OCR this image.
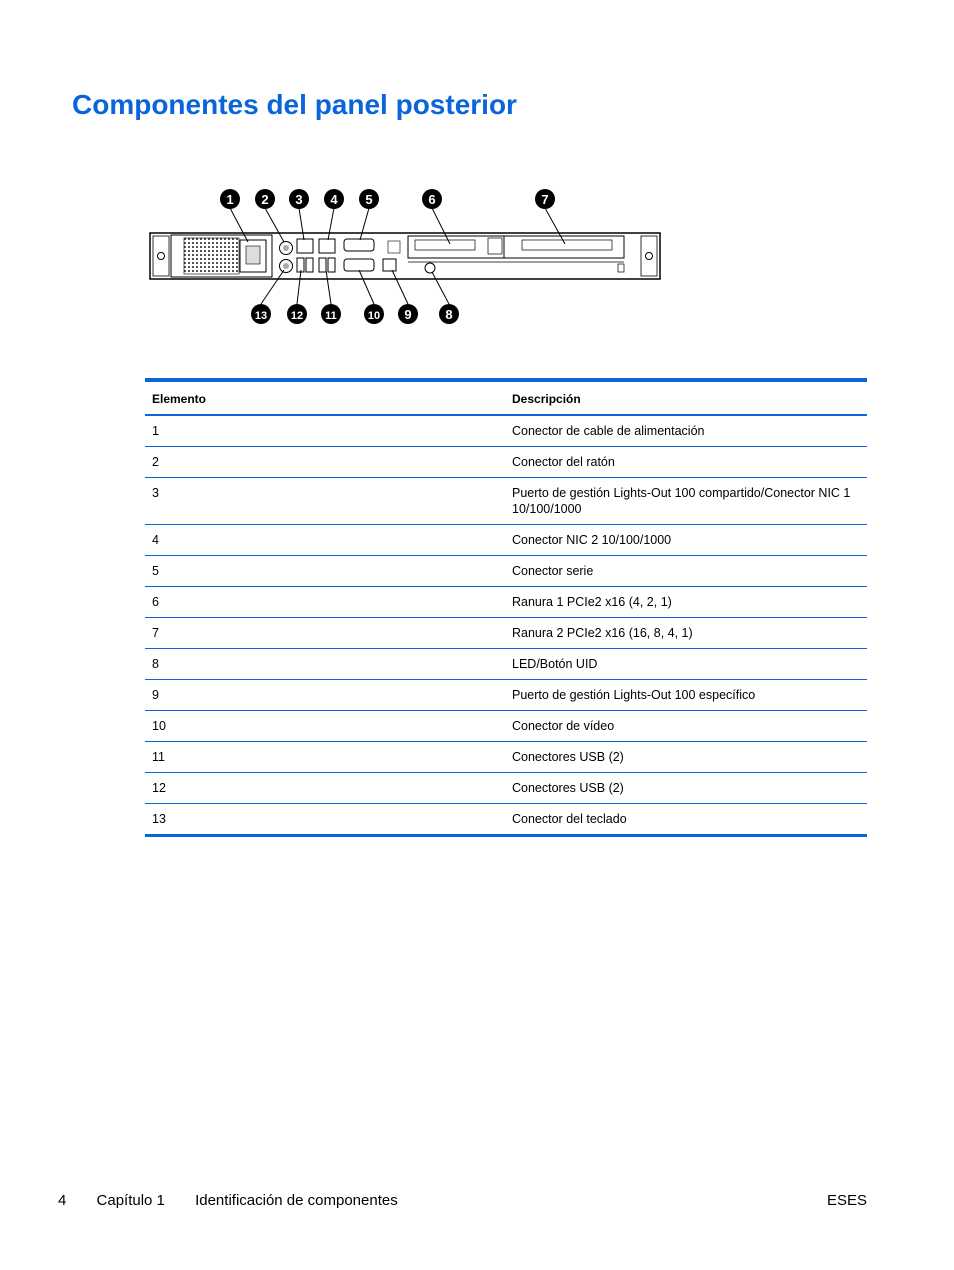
Componentes del panel posterior
1 2 3 4 5	6	7
13 12 11	10 9	8
Elemento	Descripción
1	Conector de cable de alimentación
2	Conector del ratón
3	Puerto de gestión Lights-Out 100 compartido/Conector NIC 1 10/100/1000
4	Conector NIC 2 10/100/1000
5	Conector serie
6	Ranura 1 PCIe2 x16 (4, 2, 1)
7	Ranura 2 PCIe2 x16 (16, 8, 4, 1)
8	LED/Botón UID
9	Puerto de gestión Lights-Out 100 específico
10	Conector de vídeo
11	Conectores USB (2)
12	Conectores USB (2)
13	Conector del teclado
4 Capítulo 1 Identificación de componentes	ESES
